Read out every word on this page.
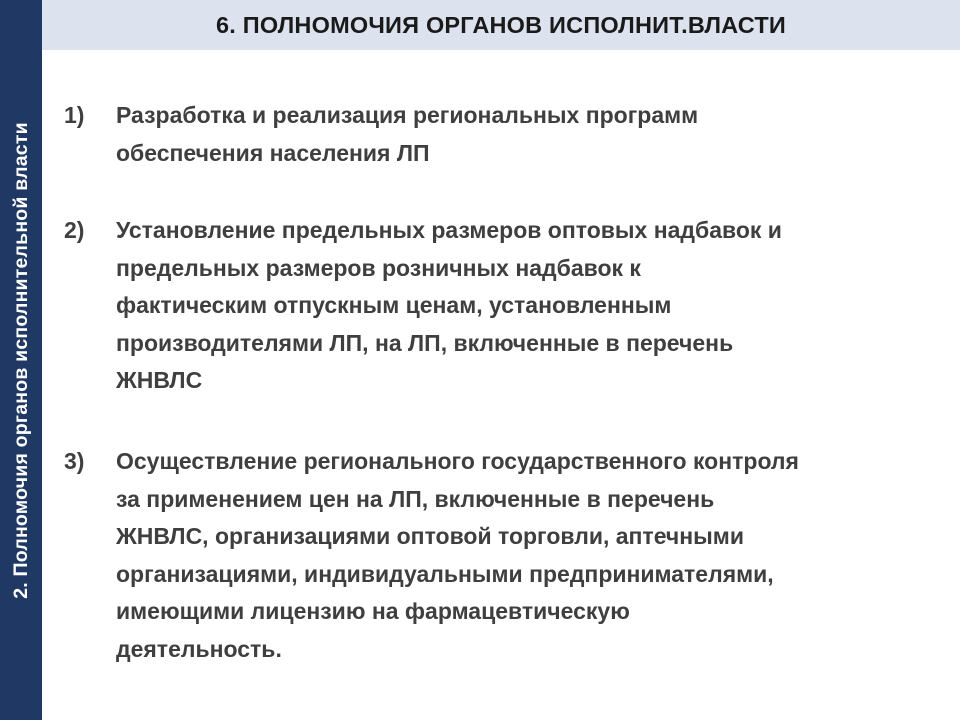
2. Полномочия органов исполнительной власти
6. ПОЛНОМОЧИЯ ОРГАНОВ ИСПОЛНИТ.ВЛАСТИ
1)	Разработка и реализация региональных программ
обеспечения населения ЛП
2)	Установление предельных размеров оптовых надбавок и
предельных размеров розничных надбавок к
фактическим отпускным ценам, установленным
производителями ЛП, на ЛП, включенные в перечень
ЖНВЛС
3)	Осуществление регионального государственного контроля
за применением цен на ЛП, включенные в перечень
ЖНВЛС, организациями оптовой торговли, аптечными
организациями, индивидуальными предпринимателями,
имеющими лицензию на фармацевтическую
деятельность.
